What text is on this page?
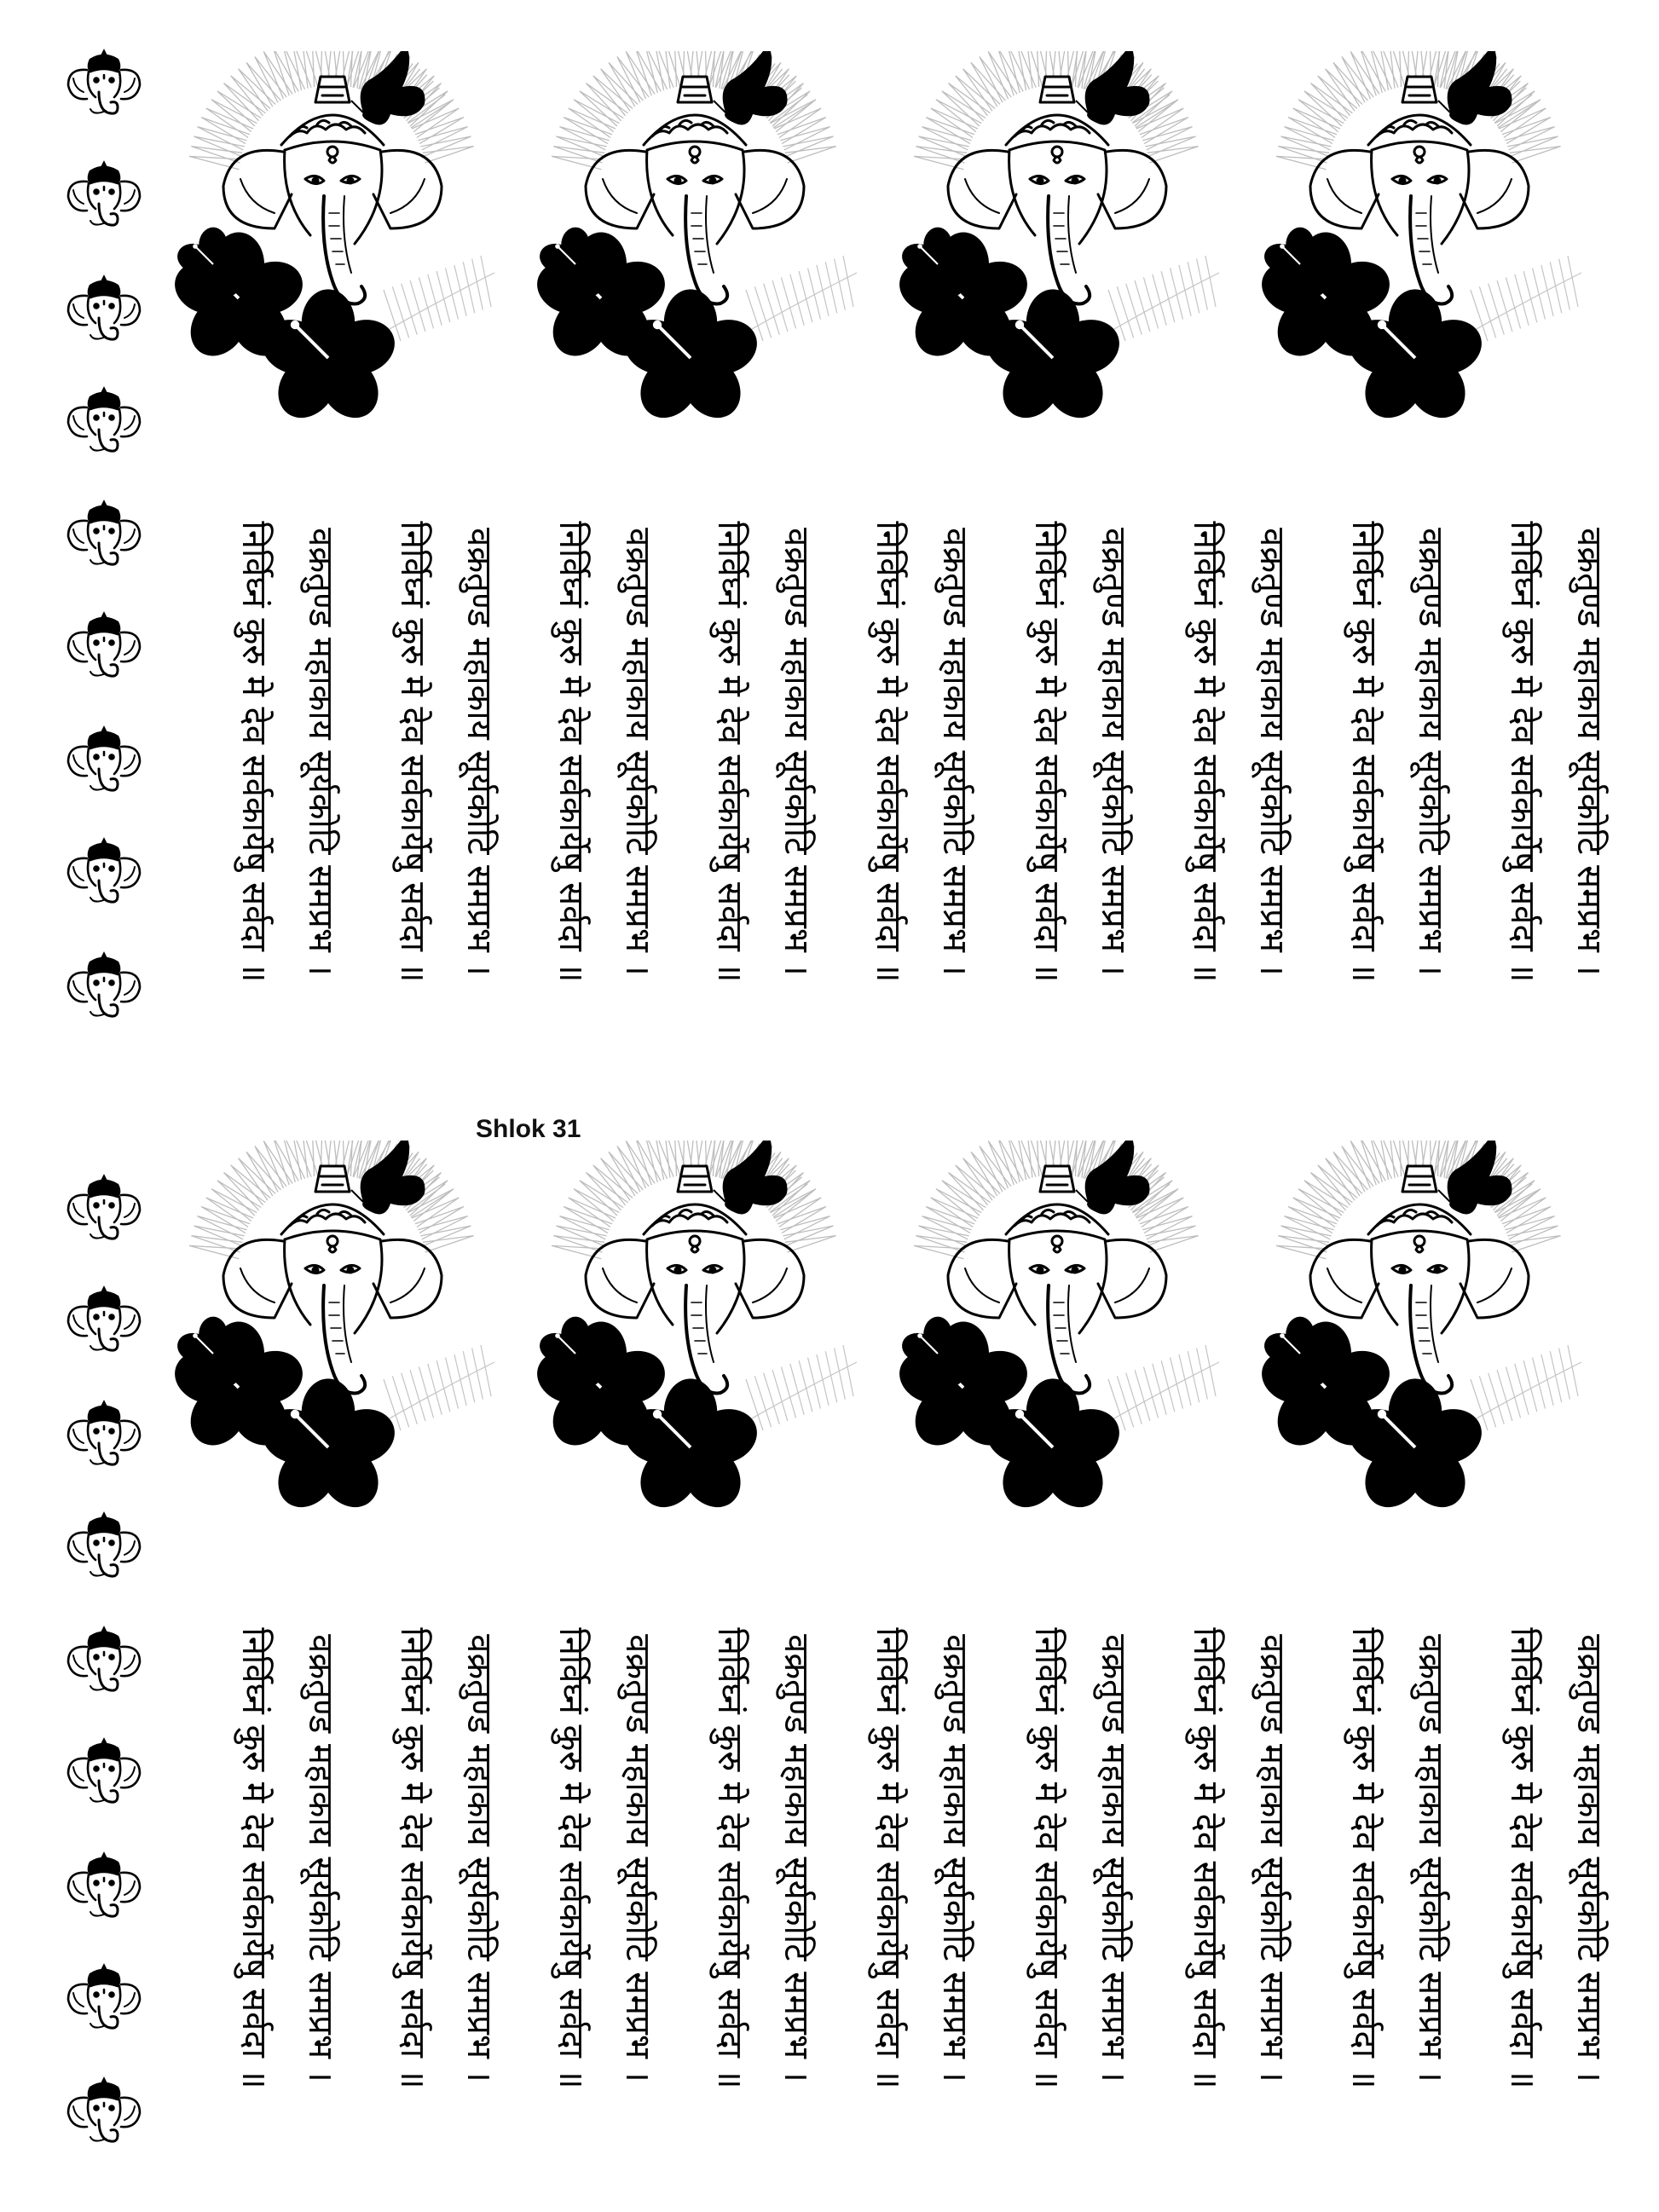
Shlok 31
निर्विघ्नं कुरु मे देव सर्वकार्येषु सर्वदा ॥ वक्रतुण्ड महाकाय सूर्यकोटि समप्रभ । निर्विघ्नं कुरु मे देव सर्वकार्येषु सर्वदा ॥ वक्रतुण्ड महाकाय सूर्यकोटि समप्रभ । निर्विघ्नं कुरु मे देव सर्वकार्येषु सर्वदा ॥ वक्रतुण्ड महाकाय सूर्यकोटि समप्रभ । निर्विघ्नं कुरु मे देव सर्वकार्येषु सर्वदा ॥ वक्रतुण्ड महाकाय सूर्यकोटि समप्रभ । निर्विघ्नं कुरु मे देव सर्वकार्येषु सर्वदा ॥ वक्रतुण्ड महाकाय सूर्यकोटि समप्रभ । निर्विघ्नं कुरु मे देव सर्वकार्येषु सर्वदा ॥ वक्रतुण्ड महाकाय सूर्यकोटि समप्रभ । निर्विघ्नं कुरु मे देव सर्वकार्येषु सर्वदा ॥ वक्रतुण्ड महाकाय सूर्यकोटि समप्रभ । निर्विघ्नं कुरु मे देव सर्वकार्येषु सर्वदा ॥ वक्रतुण्ड महाकाय सूर्यकोटि समप्रभ । निर्विघ्नं कुरु मे देव सर्वकार्येषु सर्वदा ॥ वक्रतुण्ड महाकाय सूर्यकोटि समप्रभ ।
निर्विघ्नं कुरु मे देव सर्वकार्येषु सर्वदा ॥ वक्रतुण्ड महाकाय सूर्यकोटि समप्रभ । निर्विघ्नं कुरु मे देव सर्वकार्येषु सर्वदा ॥ वक्रतुण्ड महाकाय सूर्यकोटि समप्रभ । निर्विघ्नं कुरु मे देव सर्वकार्येषु सर्वदा ॥ वक्रतुण्ड महाकाय सूर्यकोटि समप्रभ । निर्विघ्नं कुरु मे देव सर्वकार्येषु सर्वदा ॥ वक्रतुण्ड महाकाय सूर्यकोटि समप्रभ । निर्विघ्नं कुरु मे देव सर्वकार्येषु सर्वदा ॥ वक्रतुण्ड महाकाय सूर्यकोटि समप्रभ । निर्विघ्नं कुरु मे देव सर्वकार्येषु सर्वदा ॥ वक्रतुण्ड महाकाय सूर्यकोटि समप्रभ । निर्विघ्नं कुरु मे देव सर्वकार्येषु सर्वदा ॥ वक्रतुण्ड महाकाय सूर्यकोटि समप्रभ । निर्विघ्नं कुरु मे देव सर्वकार्येषु सर्वदा ॥ वक्रतुण्ड महाकाय सूर्यकोटि समप्रभ । निर्विघ्नं कुरु मे देव सर्वकार्येषु सर्वदा ॥ वक्रतुण्ड महाकाय सूर्यकोटि समप्रभ ।
